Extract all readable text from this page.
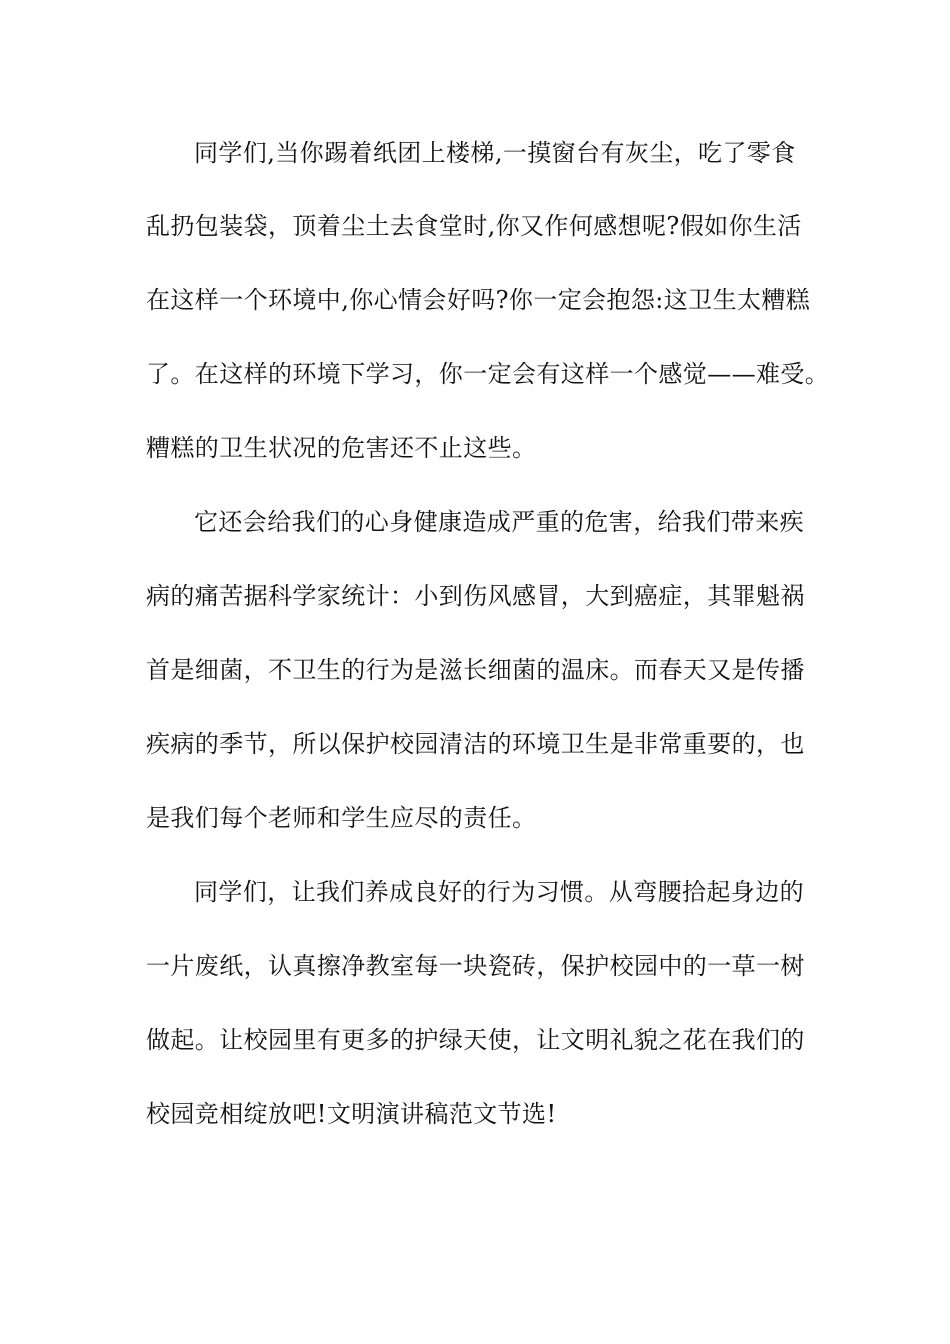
同学们,当你踢着纸团上楼梯,一摸窗台有灰尘，吃了零食
乱扔包装袋，顶着尘土去食堂时,你又作何感想呢?假如你生活
在这样一个环境中,你心情会好吗?你一定会抱怨:这卫生太糟糕
了。在这样的环境下学习，你一定会有这样一个感觉——难受。
糟糕的卫生状况的危害还不止这些。
它还会给我们的心身健康造成严重的危害，给我们带来疾
病的痛苦据科学家统计：小到伤风感冒，大到癌症，其罪魁祸
首是细菌，不卫生的行为是滋长细菌的温床。而春天又是传播
疾病的季节，所以保护校园清洁的环境卫生是非常重要的，也
是我们每个老师和学生应尽的责任。
同学们，让我们养成良好的行为习惯。从弯腰拾起身边的
一片废纸，认真擦净教室每一块瓷砖，保护校园中的一草一树
做起。让校园里有更多的护绿天使，让文明礼貌之花在我们的
校园竞相绽放吧!文明演讲稿范文节选!
